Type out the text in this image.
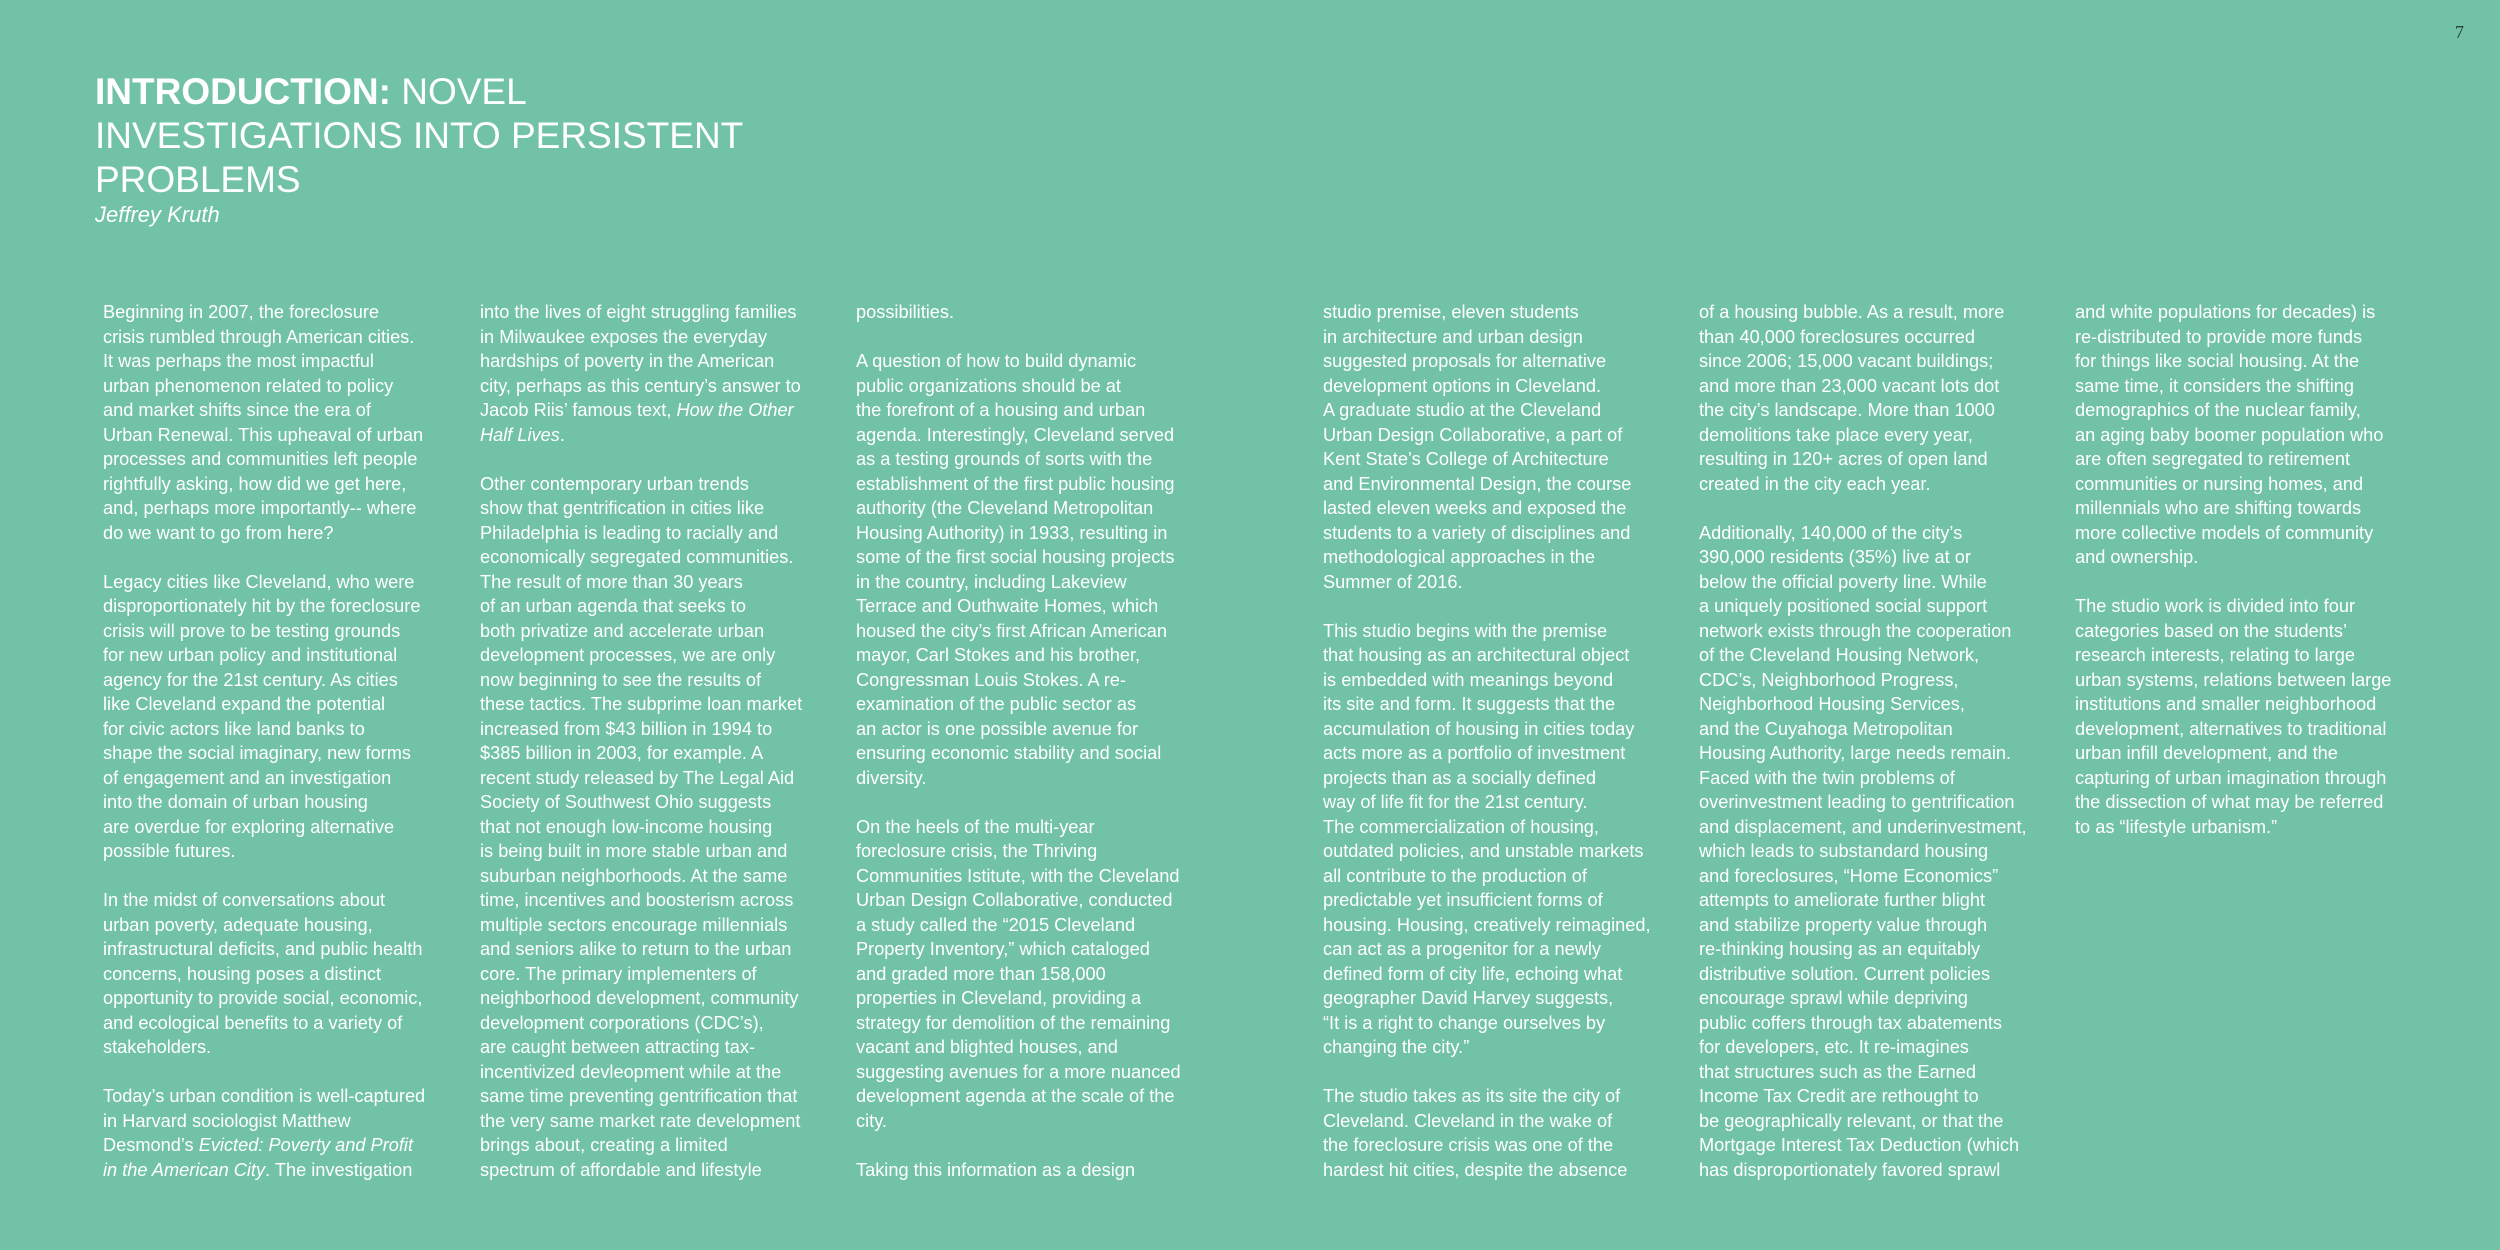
7
INTRODUCTION: NOVEL
INVESTIGATIONS INTO PERSISTENT
PROBLEMS

Jeffrey Kruth

Beginning in 2007, the foreclosure
crisis rumbled through American cities.
It was perhaps the most impactful
urban phenomenon related to policy
and market shifts since the era of
Urban Renewal. This upheaval of urban
processes and communities left people
rightfully asking, how did we get here,
and, perhaps more importantly-- where
do we want to go from here?

Legacy cities like Cleveland, who were
disproportionately hit by the foreclosure
crisis will prove to be testing grounds
for new urban policy and institutional
agency for the 21st century. As cities
like Cleveland expand the potential
for civic actors like land banks to
shape the social imaginary, new forms
of engagement and an investigation
into the domain of urban housing
are overdue for exploring alternative
possible futures.

In the midst of conversations about
urban poverty, adequate housing,
infrastructural deficits, and public health
concerns, housing poses a distinct
opportunity to provide social, economic,
and ecological benefits to a variety of
stakeholders.

Today’s urban condition is well-captured
in Harvard sociologist Matthew
Desmond’s Evicted: Poverty and Profit
in the American City. The investigation

into the lives of eight struggling families
in Milwaukee exposes the everyday
hardships of poverty in the American
city, perhaps as this century’s answer to
Jacob Riis’ famous text, How the Other
Half Lives.

Other contemporary urban trends
show that gentrification in cities like
Philadelphia is leading to racially and
economically segregated communities.
The result of more than 30 years
of an urban agenda that seeks to
both privatize and accelerate urban
development processes, we are only
now beginning to see the results of
these tactics. The subprime loan market
increased from $43 billion in 1994 to
$385 billion in 2003, for example. A
recent study released by The Legal Aid
Society of Southwest Ohio suggests
that not enough low-income housing
is being built in more stable urban and
suburban neighborhoods. At the same
time, incentives and boosterism across
multiple sectors encourage millennials
and seniors alike to return to the urban
core. The primary implementers of
neighborhood development, community
development corporations (CDC’s),
are caught between attracting tax-
incentivized devleopment while at the
same time preventing gentrification that
the very same market rate development
brings about, creating a limited
spectrum of affordable and lifestyle

possibilities.

A question of how to build dynamic
public organizations should be at
the forefront of a housing and urban
agenda. Interestingly, Cleveland served
as a testing grounds of sorts with the
establishment of the first public housing
authority (the Cleveland Metropolitan
Housing Authority) in 1933, resulting in
some of the first social housing projects
in the country, including Lakeview
Terrace and Outhwaite Homes, which
housed the city’s first African American
mayor, Carl Stokes and his brother,
Congressman Louis Stokes. A re-
examination of the public sector as
an actor is one possible avenue for
ensuring economic stability and social
diversity.

On the heels of the multi-year
foreclosure crisis, the Thriving
Communities Istitute, with the Cleveland
Urban Design Collaborative, conducted
a study called the “2015 Cleveland
Property Inventory,” which cataloged
and graded more than 158,000
properties in Cleveland, providing a
strategy for demolition of the remaining
vacant and blighted houses, and
suggesting avenues for a more nuanced
development agenda at the scale of the
city.

Taking this information as a design

studio premise, eleven students
in architecture and urban design
suggested proposals for alternative
development options in Cleveland.
A graduate studio at the Cleveland
Urban Design Collaborative, a part of
Kent State’s College of Architecture
and Environmental Design, the course
lasted eleven weeks and exposed the
students to a variety of disciplines and
methodological approaches in the
Summer of 2016.

This studio begins with the premise
that housing as an architectural object
is embedded with meanings beyond
its site and form. It suggests that the
accumulation of housing in cities today
acts more as a portfolio of investment
projects than as a socially defined
way of life fit for the 21st century.
The commercialization of housing,
outdated policies, and unstable markets
all contribute to the production of
predictable yet insufficient forms of
housing. Housing, creatively reimagined,
can act as a progenitor for a newly
defined form of city life, echoing what
geographer David Harvey suggests,
“It is a right to change ourselves by
changing the city.”

The studio takes as its site the city of
Cleveland. Cleveland in the wake of
the foreclosure crisis was one of the
hardest hit cities, despite the absence

of a housing bubble. As a result, more
than 40,000 foreclosures occurred
since 2006; 15,000 vacant buildings;
and more than 23,000 vacant lots dot
the city’s landscape. More than 1000
demolitions take place every year,
resulting in 120+ acres of open land
created in the city each year.

Additionally, 140,000 of the city’s
390,000 residents (35%) live at or
below the official poverty line. While
a uniquely positioned social support
network exists through the cooperation
of the Cleveland Housing Network,
CDC’s, Neighborhood Progress,
Neighborhood Housing Services,
and the Cuyahoga Metropolitan
Housing Authority, large needs remain.
Faced with the twin problems of
overinvestment leading to gentrification
and displacement, and underinvestment,
which leads to substandard housing
and foreclosures, “Home Economics”
attempts to ameliorate further blight
and stabilize property value through
re-thinking housing as an equitably
distributive solution. Current policies
encourage sprawl while depriving
public coffers through tax abatements
for developers, etc. It re-imagines
that structures such as the Earned
Income Tax Credit are rethought to
be geographically relevant, or that the
Mortgage Interest Tax Deduction (which
has disproportionately favored sprawl

and white populations for decades) is
re-distributed to provide more funds
for things like social housing. At the
same time, it considers the shifting
demographics of the nuclear family,
an aging baby boomer population who
are often segregated to retirement
communities or nursing homes, and
millennials who are shifting towards
more collective models of community
and ownership.

The studio work is divided into four
categories based on the students’
research interests, relating to large
urban systems, relations between large
institutions and smaller neighborhood
development, alternatives to traditional
urban infill development, and the
capturing of urban imagination through
the dissection of what may be referred
to as “lifestyle urbanism.”
